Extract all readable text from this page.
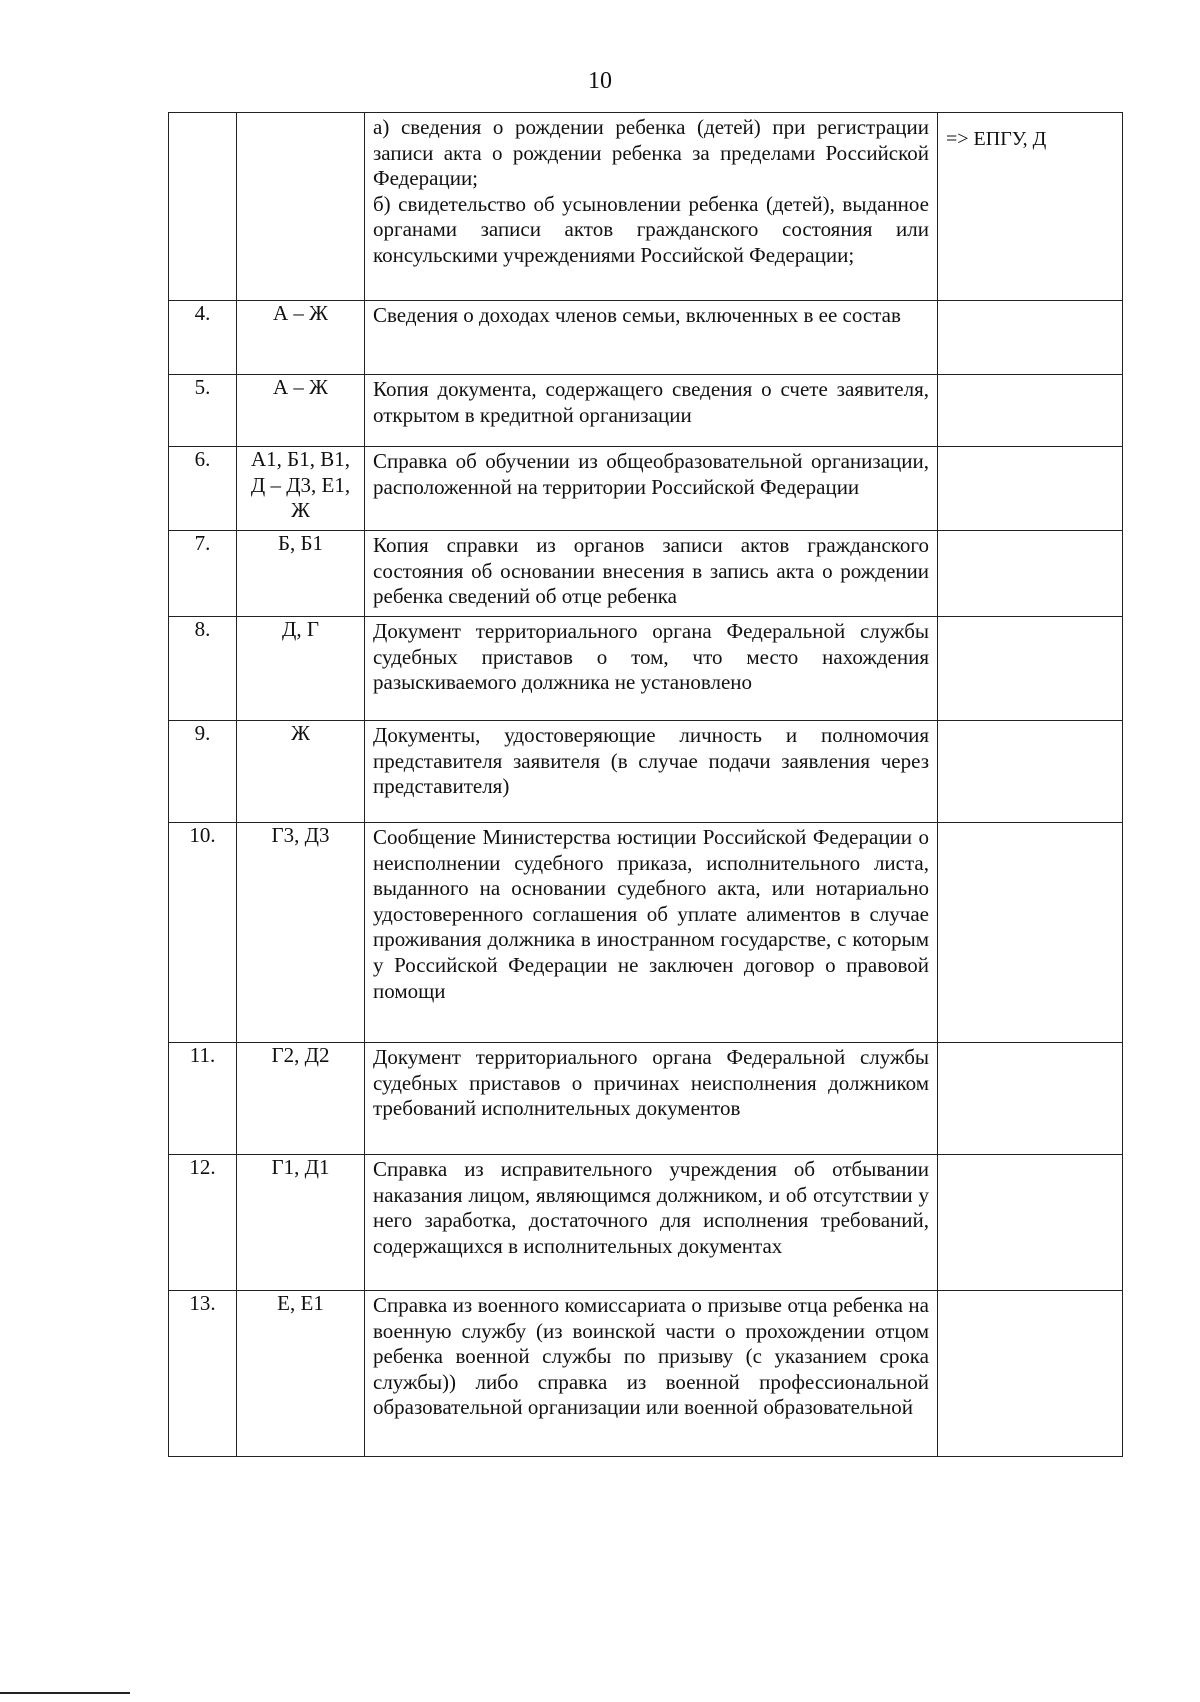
10

		а) сведения о рождении ребенка (детей) при регистрации записи акта о рождении ребенка за пределами Российской Федерации;
б) свидетельство об усыновлении ребенка (детей), выданное органами записи актов гражданского состояния или консульскими учреждениями Российской Федерации;	=> ЕПГУ, Д
4.	А – Ж	Сведения о доходах членов семьи, включенных в ее состав	

5.	А – Ж	Копия документа, содержащего сведения о счете заявителя, открытом в кредитной организации	

6.	А1, Б1, В1, Д – Д3, Е1, Ж	Справка об обучении из общеобразовательной организации, расположенной на территории Российской Федерации	

7.	Б, Б1	Копия справки из органов записи актов гражданского состояния об основании внесения в запись акта о рождении ребенка сведений об отце ребенка	

8.	Д, Г	Документ территориального органа Федеральной службы судебных приставов о том, что место нахождения разыскиваемого должника не установлено	

9.	Ж	Документы, удостоверяющие личность и полномочия представителя заявителя (в случае подачи заявления через представителя)	

10.	Г3, Д3	Сообщение Министерства юстиции Российской Федерации о неисполнении судебного приказа, исполнительного листа, выданного на основании судебного акта, или нотариально удостоверенного соглашения об уплате алиментов в случае проживания должника в иностранном государстве, с которым у Российской Федерации не заключен договор о правовой помощи	

11.	Г2, Д2	Документ территориального органа Федеральной службы судебных приставов о причинах неисполнения должником требований исполнительных документов	

12.	Г1, Д1	Справка из исправительного учреждения об отбывании наказания лицом, являющимся должником, и об отсутствии у него заработка, достаточного для исполнения требований, содержащихся в исполнительных документах	

13.	Е, Е1	Справка из военного комиссариата о призыве отца ребенка на военную службу (из воинской части о прохождении отцом ребенка военной службы по призыву (с указанием срока службы)) либо справка из военной профессиональной образовательной организации или военной образовательной	
